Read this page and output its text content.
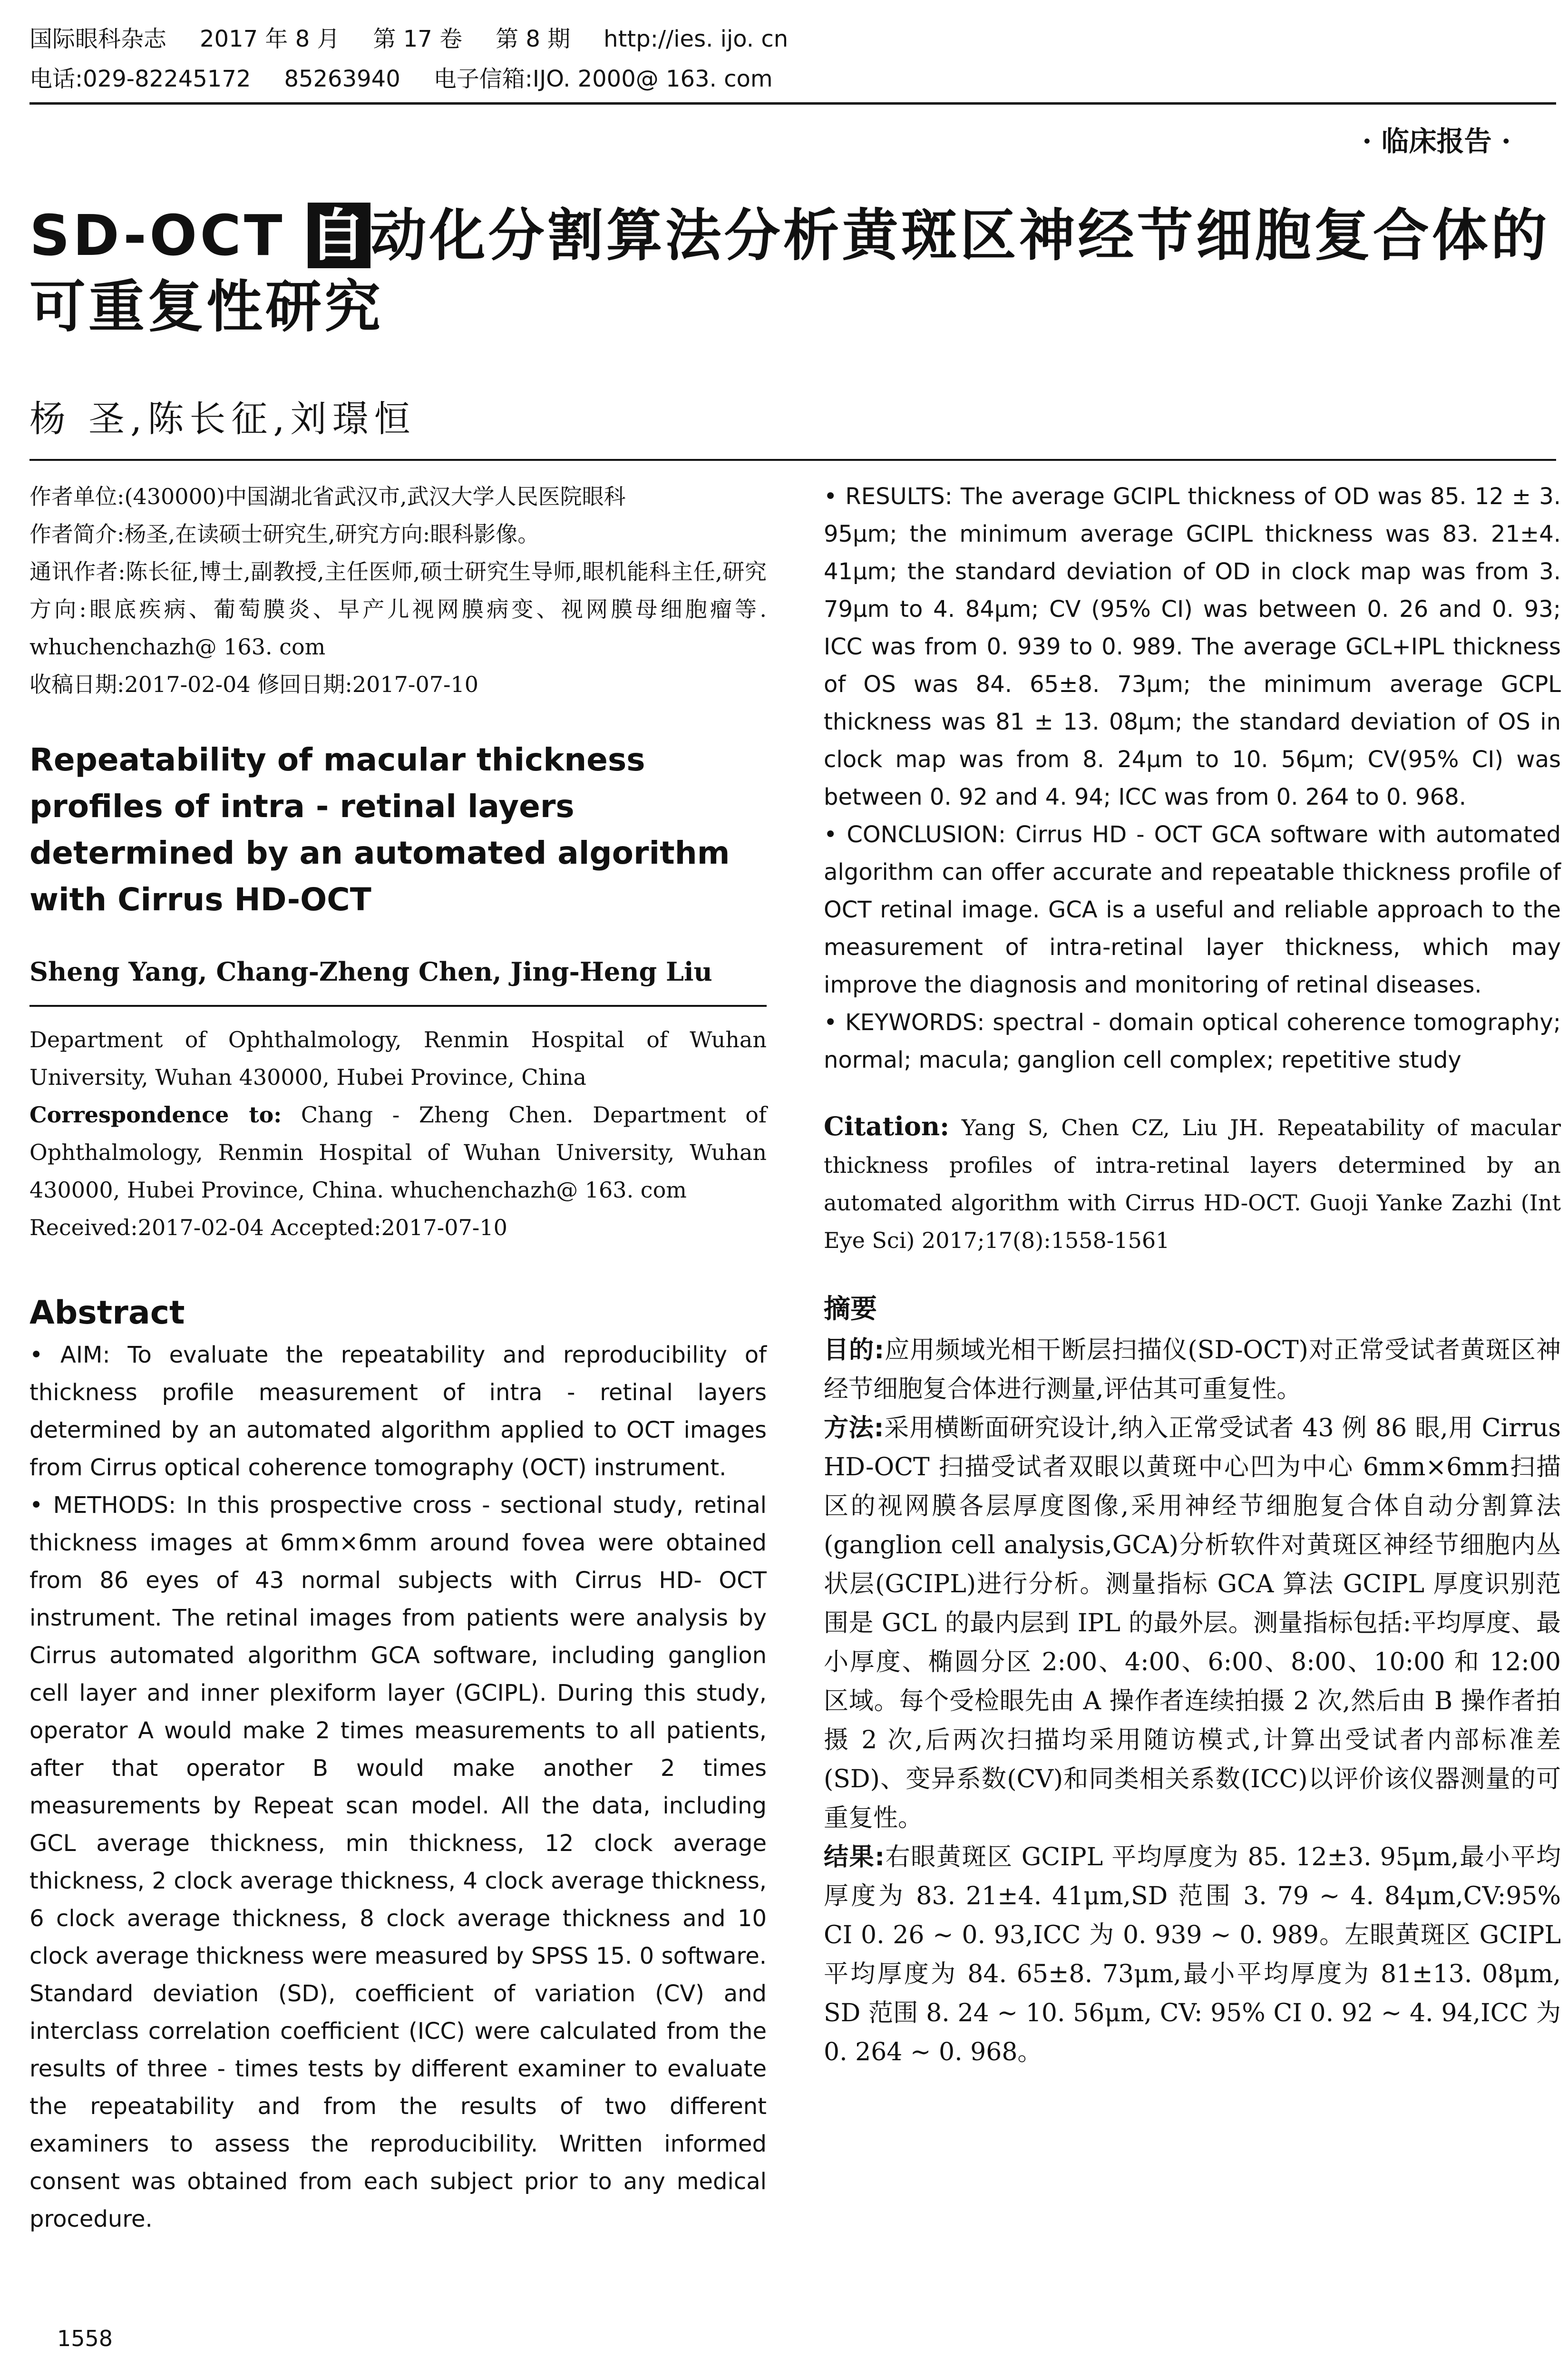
国际眼科杂志 2017 年 8 月 第 17 卷 第 8 期 http://ies. ijo. cn
电话:029-82245172 85263940 电子信箱:IJO. 2000@ 163. com
· 临床报告 ·
SD-OCT 自动化分割算法分析黄斑区神经节细胞复合体的可重复性研究
杨 圣,陈长征,刘璟恒
作者单位:(430000)中国湖北省武汉市,武汉大学人民医院眼科
作者简介:杨圣,在读硕士研究生,研究方向:眼科影像。
通讯作者:陈长征,博士,副教授,主任医师,硕士研究生导师,眼机能科主任,研究方向:眼底疾病、葡萄膜炎、早产儿视网膜病变、视网膜母细胞瘤等. whuchenchazh@ 163. com
收稿日期:2017-02-04 修回日期:2017-07-10
Repeatability of macular thickness profiles of intra - retinal layers determined by an automated algorithm with Cirrus HD-OCT
Sheng Yang, Chang-Zheng Chen, Jing-Heng Liu
Department of Ophthalmology, Renmin Hospital of Wuhan University, Wuhan 430000, Hubei Province, China
Correspondence to: Chang - Zheng Chen. Department of Ophthalmology, Renmin Hospital of Wuhan University, Wuhan 430000, Hubei Province, China. whuchenchazh@ 163. com
Received:2017-02-04 Accepted:2017-07-10
Abstract

• AIM: To evaluate the repeatability and reproducibility of thickness profile measurement of intra - retinal layers determined by an automated algorithm applied to OCT images from Cirrus optical coherence tomography (OCT) instrument.

• METHODS: In this prospective cross - sectional study, retinal thickness images at 6mm×6mm around fovea were obtained from 86 eyes of 43 normal subjects with Cirrus HD- OCT instrument. The retinal images from patients were analysis by Cirrus automated algorithm GCA software, including ganglion cell layer and inner plexiform layer (GCIPL). During this study, operator A would make 2 times measurements to all patients, after that operator B would make another 2 times measurements by Repeat scan model. All the data, including GCL average thickness, min thickness, 12 clock average thickness, 2 clock average thickness, 4 clock average thickness, 6 clock average thickness, 8 clock average thickness and 10 clock average thickness were measured by SPSS 15. 0 software. Standard deviation (SD), coefficient of variation (CV) and interclass correlation coefficient (ICC) were calculated from the results of three - times tests by different examiner to evaluate the repeatability and from the results of two different examiners to assess the reproducibility. Written informed consent was obtained from each subject prior to any medical procedure.

• RESULTS: The average GCIPL thickness of OD was 85. 12 ± 3. 95μm; the minimum average GCIPL thickness was 83. 21±4. 41μm; the standard deviation of OD in clock map was from 3. 79μm to 4. 84μm; CV (95% CI) was between 0. 26 and 0. 93; ICC was from 0. 939 to 0. 989. The average GCL+IPL thickness of OS was 84. 65±8. 73μm; the minimum average GCPL thickness was 81 ± 13. 08μm; the standard deviation of OS in clock map was from 8. 24μm to 10. 56μm; CV(95% CI) was between 0. 92 and 4. 94; ICC was from 0. 264 to 0. 968.

• CONCLUSION: Cirrus HD - OCT GCA software with automated algorithm can offer accurate and repeatable thickness profile of OCT retinal image. GCA is a useful and reliable approach to the measurement of intra-retinal layer thickness, which may improve the diagnosis and monitoring of retinal diseases.

• KEYWORDS: spectral - domain optical coherence tomography; normal; macula; ganglion cell complex; repetitive study

Citation: Yang S, Chen CZ, Liu JH. Repeatability of macular thickness profiles of intra-retinal layers determined by an automated algorithm with Cirrus HD-OCT. Guoji Yanke Zazhi (Int Eye Sci) 2017;17(8):1558-1561
摘要

目的:应用频域光相干断层扫描仪(SD-OCT)对正常受试者黄斑区神经节细胞复合体进行测量,评估其可重复性。

方法:采用横断面研究设计,纳入正常受试者 43 例 86 眼,用 Cirrus HD-OCT 扫描受试者双眼以黄斑中心凹为中心 6mm×6mm扫描区的视网膜各层厚度图像,采用神经节细胞复合体自动分割算法(ganglion cell analysis,GCA)分析软件对黄斑区神经节细胞内丛状层(GCIPL)进行分析。测量指标 GCA 算法 GCIPL 厚度识别范围是 GCL 的最内层到 IPL 的最外层。测量指标包括:平均厚度、最小厚度、椭圆分区 2:00、4:00、6:00、8:00、10:00 和 12:00 区域。每个受检眼先由 A 操作者连续拍摄 2 次,然后由 B 操作者拍摄 2 次,后两次扫描均采用随访模式,计算出受试者内部标准差(SD)、变异系数(CV)和同类相关系数(ICC)以评价该仪器测量的可重复性。

结果:右眼黄斑区 GCIPL 平均厚度为 85. 12±3. 95μm,最小平均厚度为 83. 21±4. 41μm,SD 范围 3. 79 ~ 4. 84μm,CV:95% CI 0. 26 ~ 0. 93,ICC 为 0. 939 ~ 0. 989。左眼黄斑区 GCIPL 平均厚度为 84. 65±8. 73μm,最小平均厚度为 81±13. 08μm, SD 范围 8. 24 ~ 10. 56μm, CV: 95% CI 0. 92 ~ 4. 94,ICC 为 0. 264 ~ 0. 968。

1558
